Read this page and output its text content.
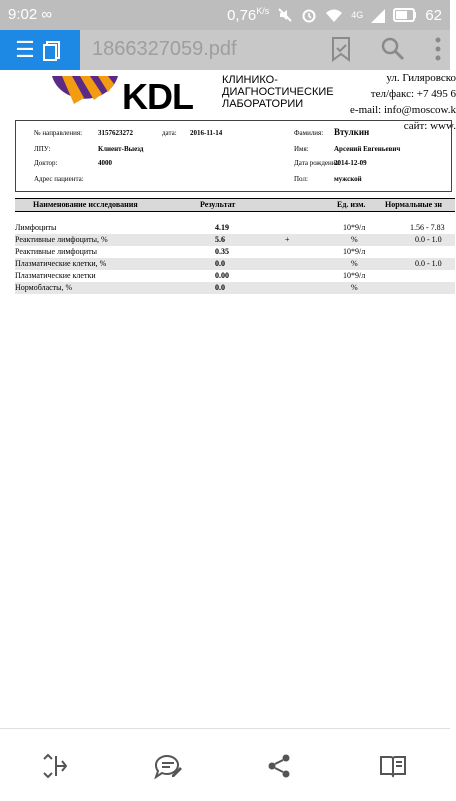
9:02 ∞	$0,76^{K/s}$	4G	62
☰	1866327059.pdf
KDL	КЛИНИКО-
ДИАГНОСТИЧЕСКИЕ
ЛАБОРАТОРИИ
ул. Гиляровско
тел/факс: +7 495 6
e-mail: info@moscow.k
сайт: www.
№ направления: 3157623272	дата: 2016-11-14	Фамилия: Втулкин
ЛПУ:	Клиент-Выезд	Имя:	Арсений Евгеньевич
Доктор:	4000	Дата рождения:
2014-12-09
Адрес пациента:	Пол:	мужской
Наименование исследования	Результат	Ед. изм. Нормальные зн
Лимфоциты	4.19	10*9/л	1.56 - 7.83
Реактивные лимфоциты, %	5.6	+	%	0.0 - 1.0
Реактивные лимфоциты	0.35	10*9/л
Плазматические клетки, %	0.0	%	0.0 - 1.0
Плазматические клетки	0.00	10*9/л
Нормобласты, %	0.0	%
